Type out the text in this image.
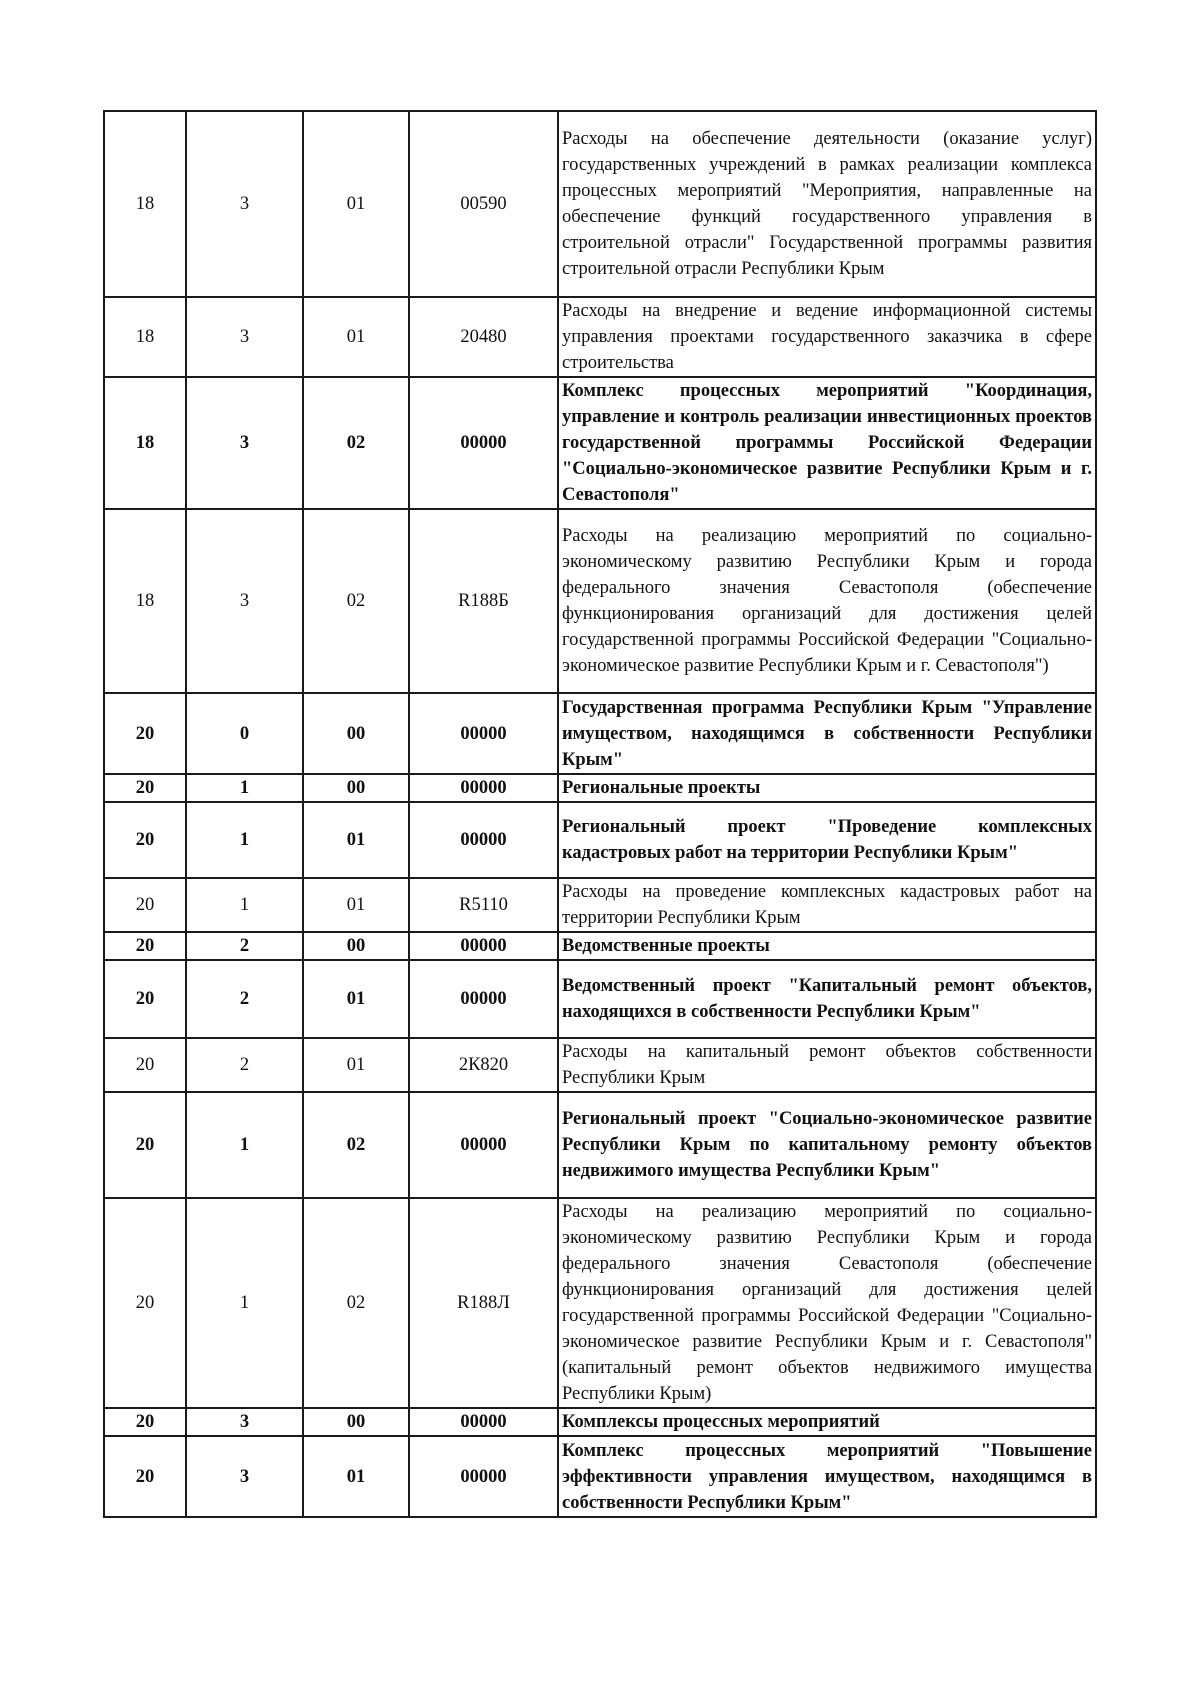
18	3	01	00590	Расходы на обеспечение деятельности (оказание услуг) государственных учреждений в рамках реализации комплекса процессных мероприятий "Мероприятия, направленные на обеспечение функций государственного управления в строительной отрасли" Государственной программы развития строительной отрасли Республики Крым
18	3	01	20480	Расходы на внедрение и ведение информационной системы управления проектами государственного заказчика в сфере строительства
18	3	02	00000	Комплекс процессных мероприятий "Координация, управление и контроль реализации инвестиционных проектов государственной программы Российской Федерации "Социально-экономическое развитие Республики Крым и г. Севастополя"
18	3	02	R188Б	Расходы на реализацию мероприятий по социально-экономическому развитию Республики Крым и города федерального значения Севастополя (обеспечение функционирования организаций для достижения целей государственной программы Российской Федерации "Социально-экономическое развитие Республики Крым и г. Севастополя")
20	0	00	00000	Государственная программа Республики Крым "Управление имуществом, находящимся в собственности Республики Крым"
20	1	00	00000	Региональные проекты
20	1	01	00000	Региональный проект "Проведение комплексных кадастровых работ на территории Республики Крым"
20	1	01	R5110	Расходы на проведение комплексных кадастровых работ на территории Республики Крым
20	2	00	00000	Ведомственные проекты
20	2	01	00000	Ведомственный проект "Капитальный ремонт объектов, находящихся в собственности Республики Крым"
20	2	01	2К820	Расходы на капитальный ремонт объектов собственности Республики Крым
20	1	02	00000	Региональный проект "Социально-экономическое развитие Республики Крым по капитальному ремонту объектов недвижимого имущества Республики Крым"
20	1	02	R188Л	Расходы на реализацию мероприятий по социально-экономическому развитию Республики Крым и города федерального значения Севастополя (обеспечение функционирования организаций для достижения целей государственной программы Российской Федерации "Социально-экономическое развитие Республики Крым и г. Севастополя" (капитальный ремонт объектов недвижимого имущества Республики Крым)
20	3	00	00000	Комплексы процессных мероприятий
20	3	01	00000	Комплекс процессных мероприятий "Повышение эффективности управления имуществом, находящимся в собственности Республики Крым"
